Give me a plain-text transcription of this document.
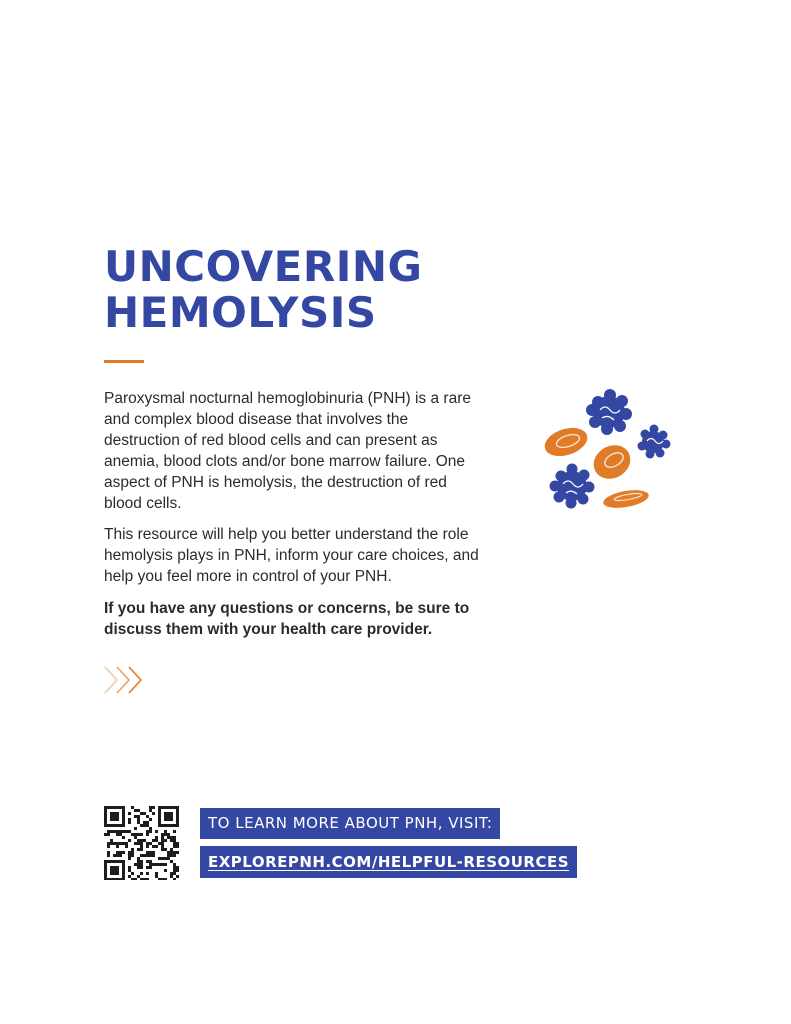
UNCOVERING
HEMOLYSIS

Paroxysmal nocturnal hemoglobinuria (PNH) is a rare and complex blood disease that involves the destruction of red blood cells and can present as anemia, blood clots and/or bone marrow failure. One aspect of PNH is hemolysis, the destruction of red blood cells.

This resource will help you better understand the role hemolysis plays in PNH, inform your care choices, and help you feel more in control of your PNH.

If you have any questions or concerns, be sure to discuss them with your health care provider.

TO LEARN MORE ABOUT PNH, VISIT:
EXPLOREPNH.COM/HELPFUL-RESOURCES
